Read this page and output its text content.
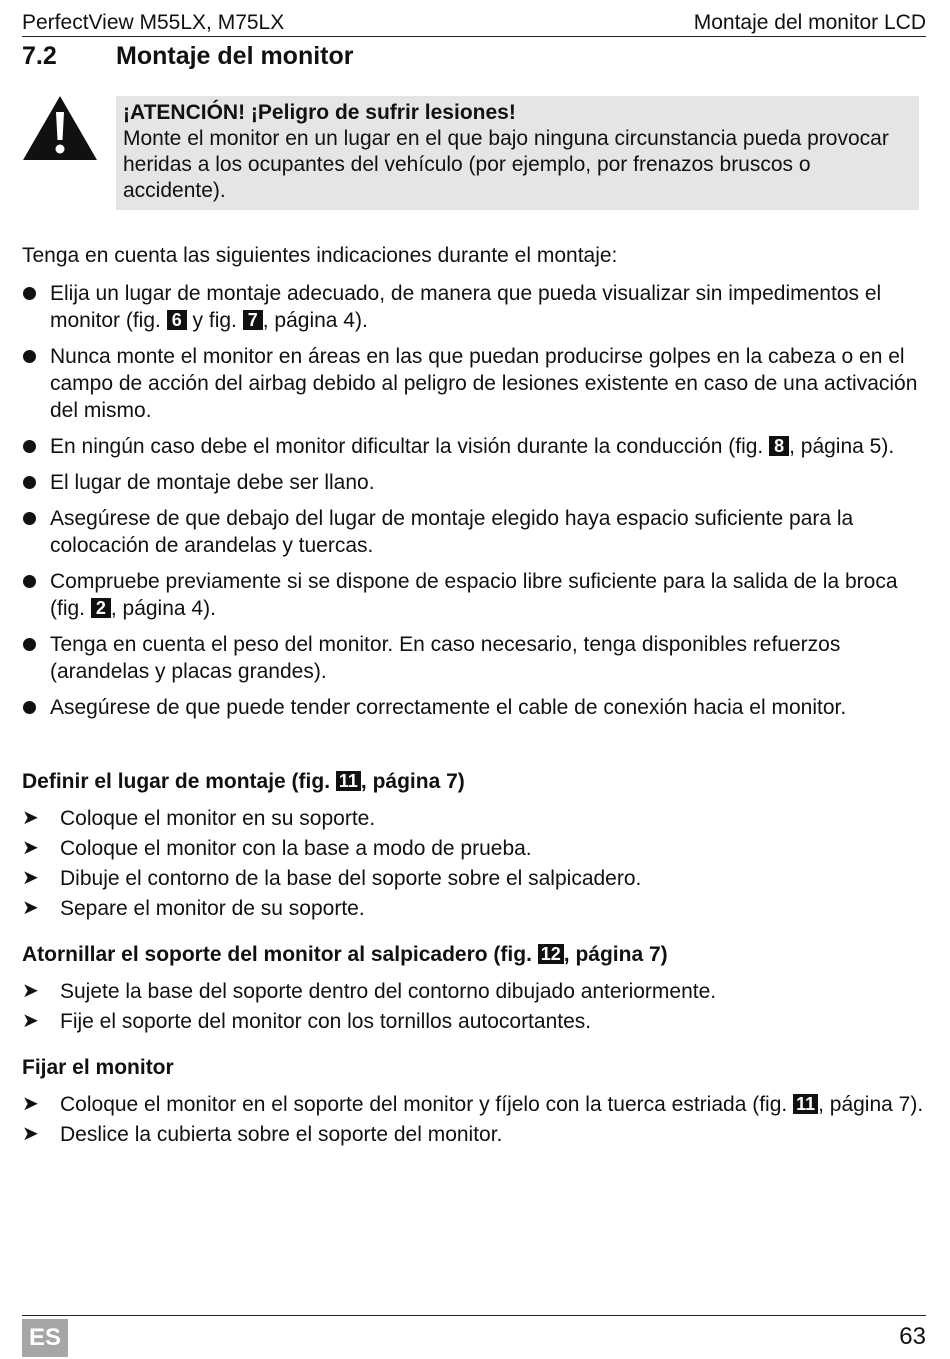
PerfectView M55LX, M75LX	Montaje del monitor LCD
7.2 Montaje del monitor
¡ATENCIÓN! ¡Peligro de sufrir lesiones!
Monte el monitor en un lugar en el que bajo ninguna circunstancia pueda provocar heridas a los ocupantes del vehículo (por ejemplo, por frenazos bruscos o accidente).
Tenga en cuenta las siguientes indicaciones durante el montaje:
Elija un lugar de montaje adecuado, de manera que pueda visualizar sin impedimentos el monitor (fig. 6 y fig. 7 , página 4).
Nunca monte el monitor en áreas en las que puedan producirse golpes en la cabeza o en el campo de acción del airbag debido al peligro de lesiones existente en caso de una activación del mismo.
En ningún caso debe el monitor dificultar la visión durante la conducción (fig. 8 , página 5).
El lugar de montaje debe ser llano.
Asegúrese de que debajo del lugar de montaje elegido haya espacio suficiente para la colocación de arandelas y tuercas.
Compruebe previamente si se dispone de espacio libre suficiente para la salida de la broca (fig. 2 , página 4).
Tenga en cuenta el peso del monitor. En caso necesario, tenga disponibles refuerzos (arandelas y placas grandes).
Asegúrese de que puede tender correctamente el cable de conexión hacia el monitor.
Definir el lugar de montaje (fig. 11 , página 7)
➤ Coloque el monitor en su soporte.
➤ Coloque el monitor con la base a modo de prueba.
➤ Dibuje el contorno de la base del soporte sobre el salpicadero.
➤ Separe el monitor de su soporte.
Atornillar el soporte del monitor al salpicadero (fig. 12 , página 7)
➤ Sujete la base del soporte dentro del contorno dibujado anteriormente.
➤ Fije el soporte del monitor con los tornillos autocortantes.
Fijar el monitor
➤ Coloque el monitor en el soporte del monitor y fíjelo con la tuerca estriada (fig. 11 , página 7).
➤ Deslice la cubierta sobre el soporte del monitor.
ES	63
